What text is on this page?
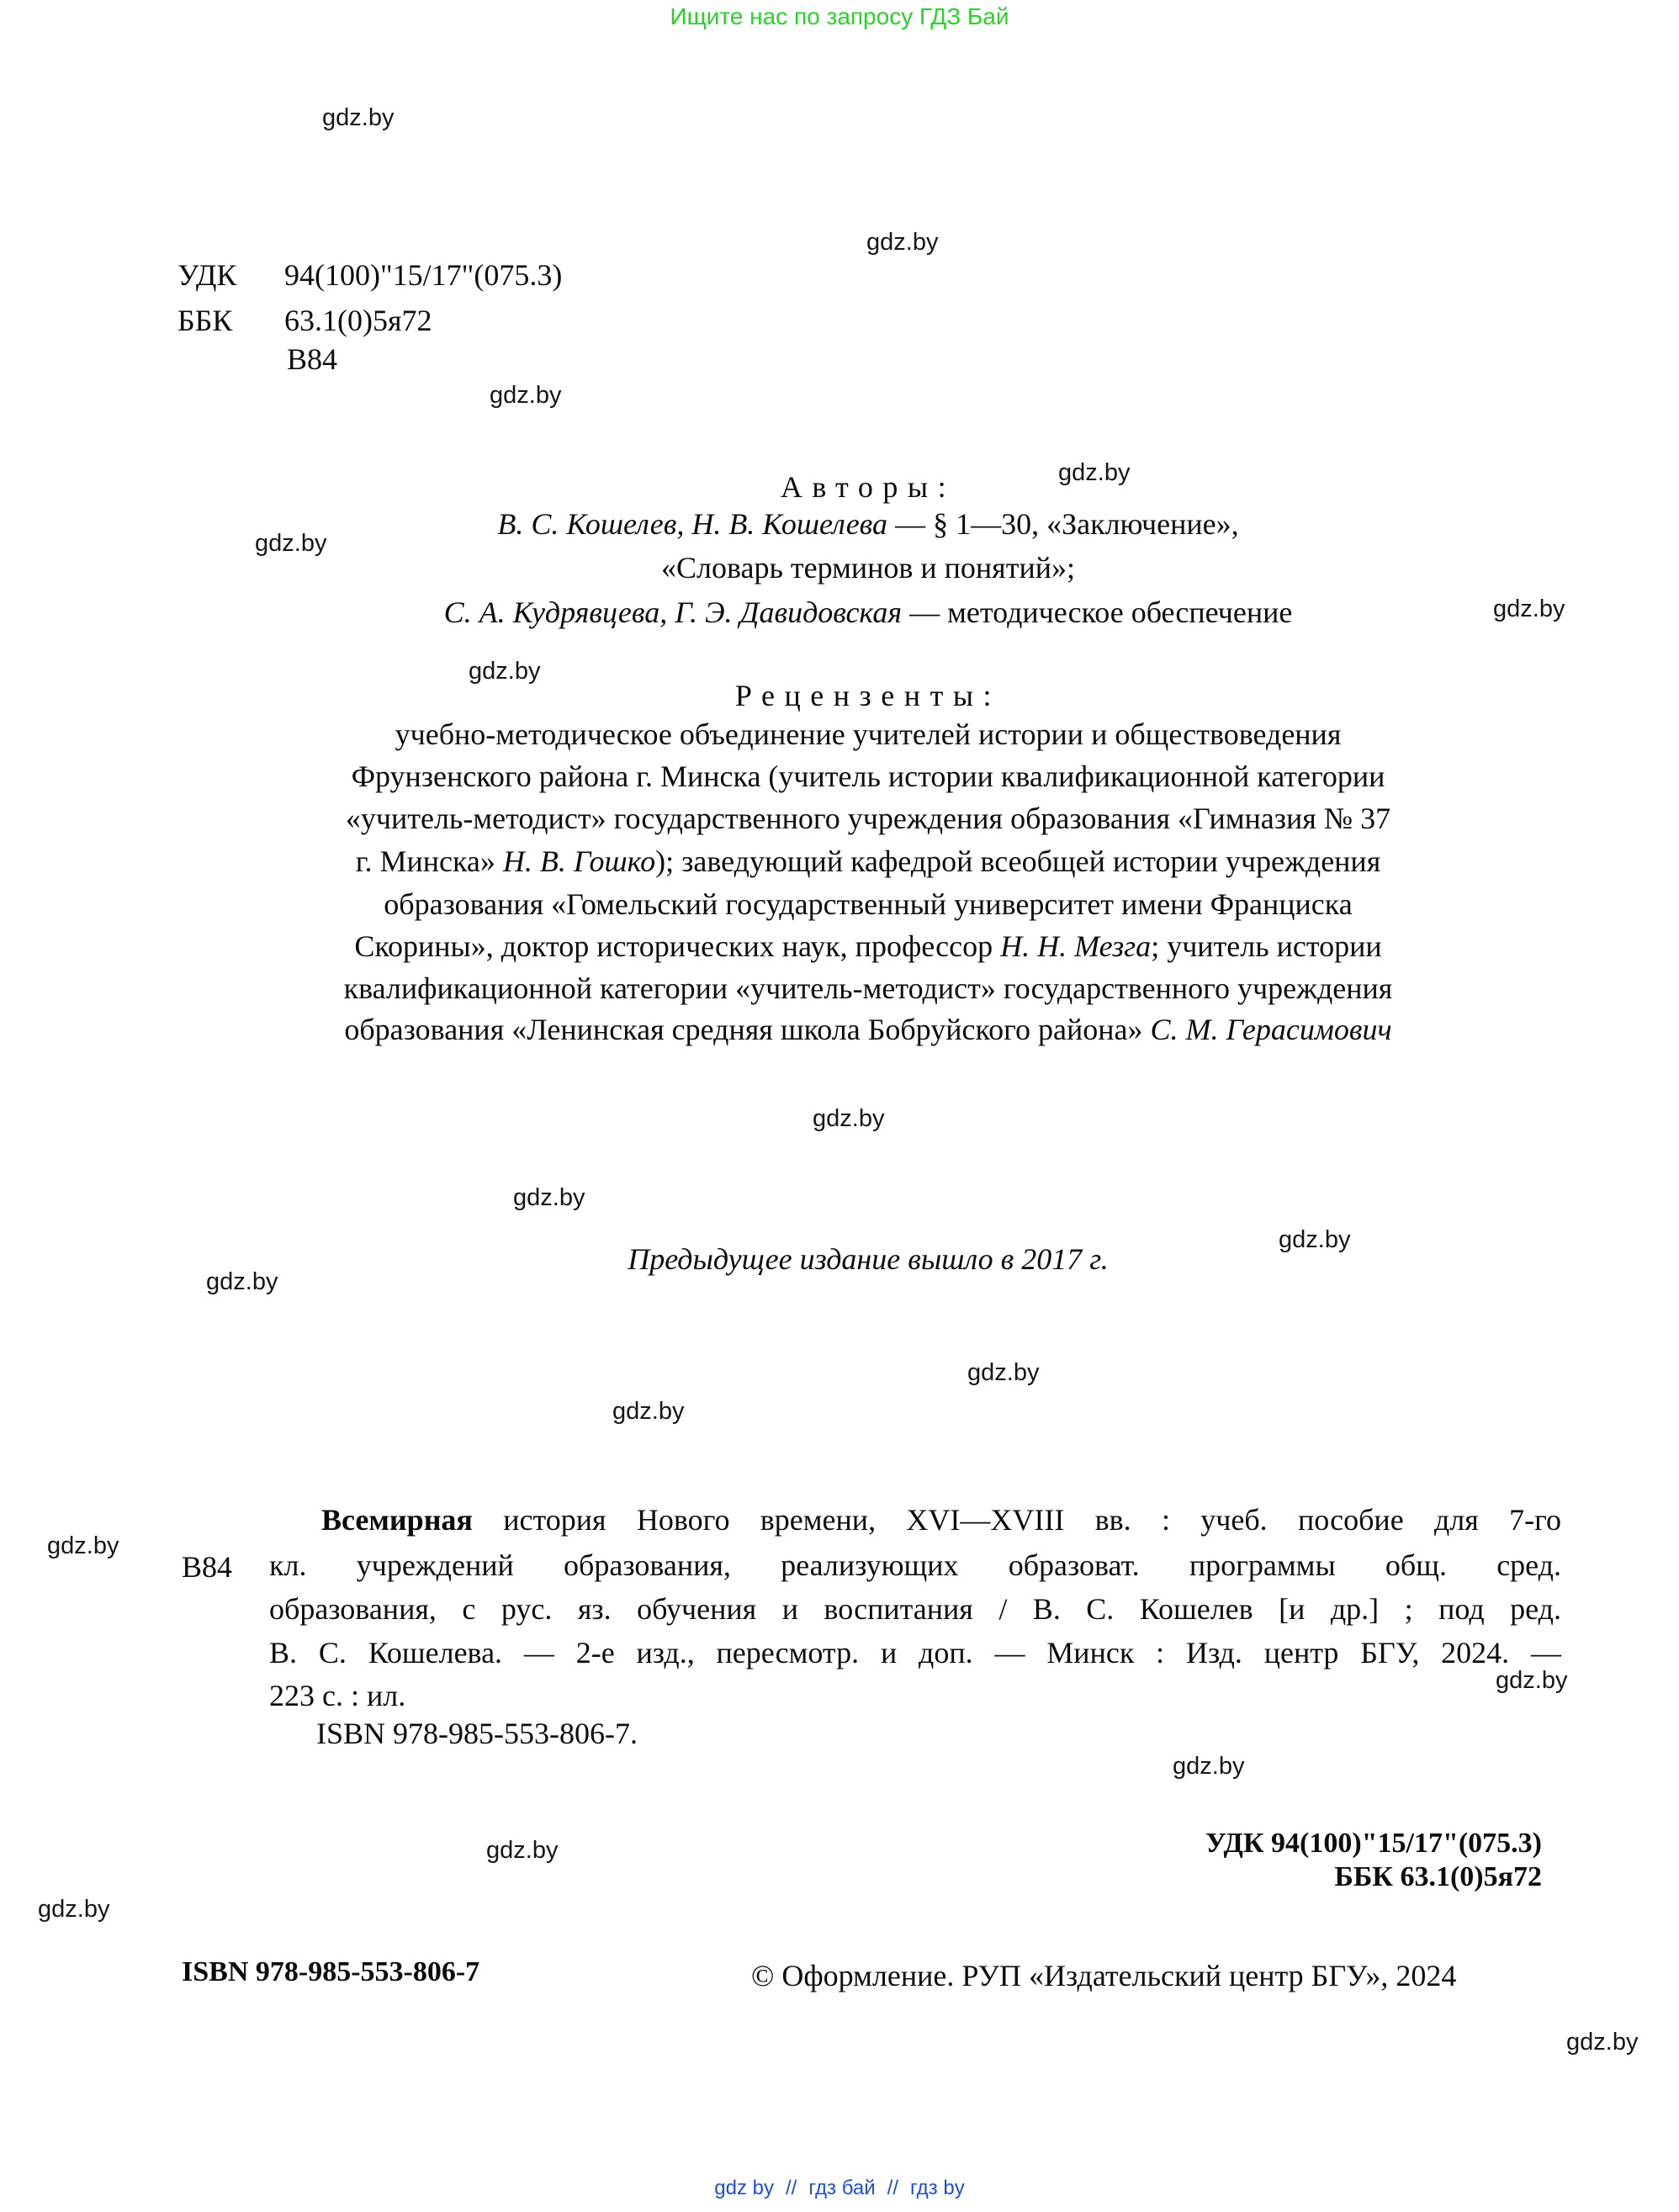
Ищите нас по запросу ГДЗ Бай
gdz.by
gdz.by
gdz.by
gdz.by
gdz.by
gdz.by
gdz.by
gdz.by
gdz.by
gdz.by
gdz.by
gdz.by
gdz.by
gdz.by
gdz.by
gdz.by
gdz.by
gdz.by
gdz.by
УДК 94(100)"15/17"(075.3)
ББК 63.1(0)5я72
В84
Авторы:
В. С. Кошелев, Н. В. Кошелева — § 1—30, «Заключение»,
«Словарь терминов и понятий»;
С. А. Кудрявцева, Г. Э. Давидовская — методическое обеспечение
Рецензенты:
учебно-методическое объединение учителей истории и обществоведения
Фрунзенского района г. Минска (учитель истории квалификационной категории
«учитель-методист» государственного учреждения образования «Гимназия № 37
г. Минска» Н. В. Гошко); заведующий кафедрой всеобщей истории учреждения
образования «Гомельский государственный университет имени Франциска
Скорины», доктор исторических наук, профессор Н. Н. Мезга; учитель истории
квалификационной категории «учитель-методист» государственного учреждения
образования «Ленинская средняя школа Бобруйского района» С. М. Герасимович
Предыдущее издание вышло в 2017 г.
В84
Всемирная история Нового времени, XVI—XVIII вв. : учеб. пособие для 7-го
кл. учреждений образования, реализующих образоват. программы общ. сред.
образования, с рус. яз. обучения и воспитания / В. С. Кошелев [и др.] ; под ред.
В. С. Кошелева. — 2-е изд., пересмотр. и доп. — Минск : Изд. центр БГУ, 2024. —
223 с. : ил.
ISBN 978-985-553-806-7.
УДК 94(100)"15/17"(075.3)
ББК 63.1(0)5я72
ISBN 978-985-553-806-7	© Оформление. РУП «Издательский центр БГУ», 2024
gdz by // гдз бай // гдз by
